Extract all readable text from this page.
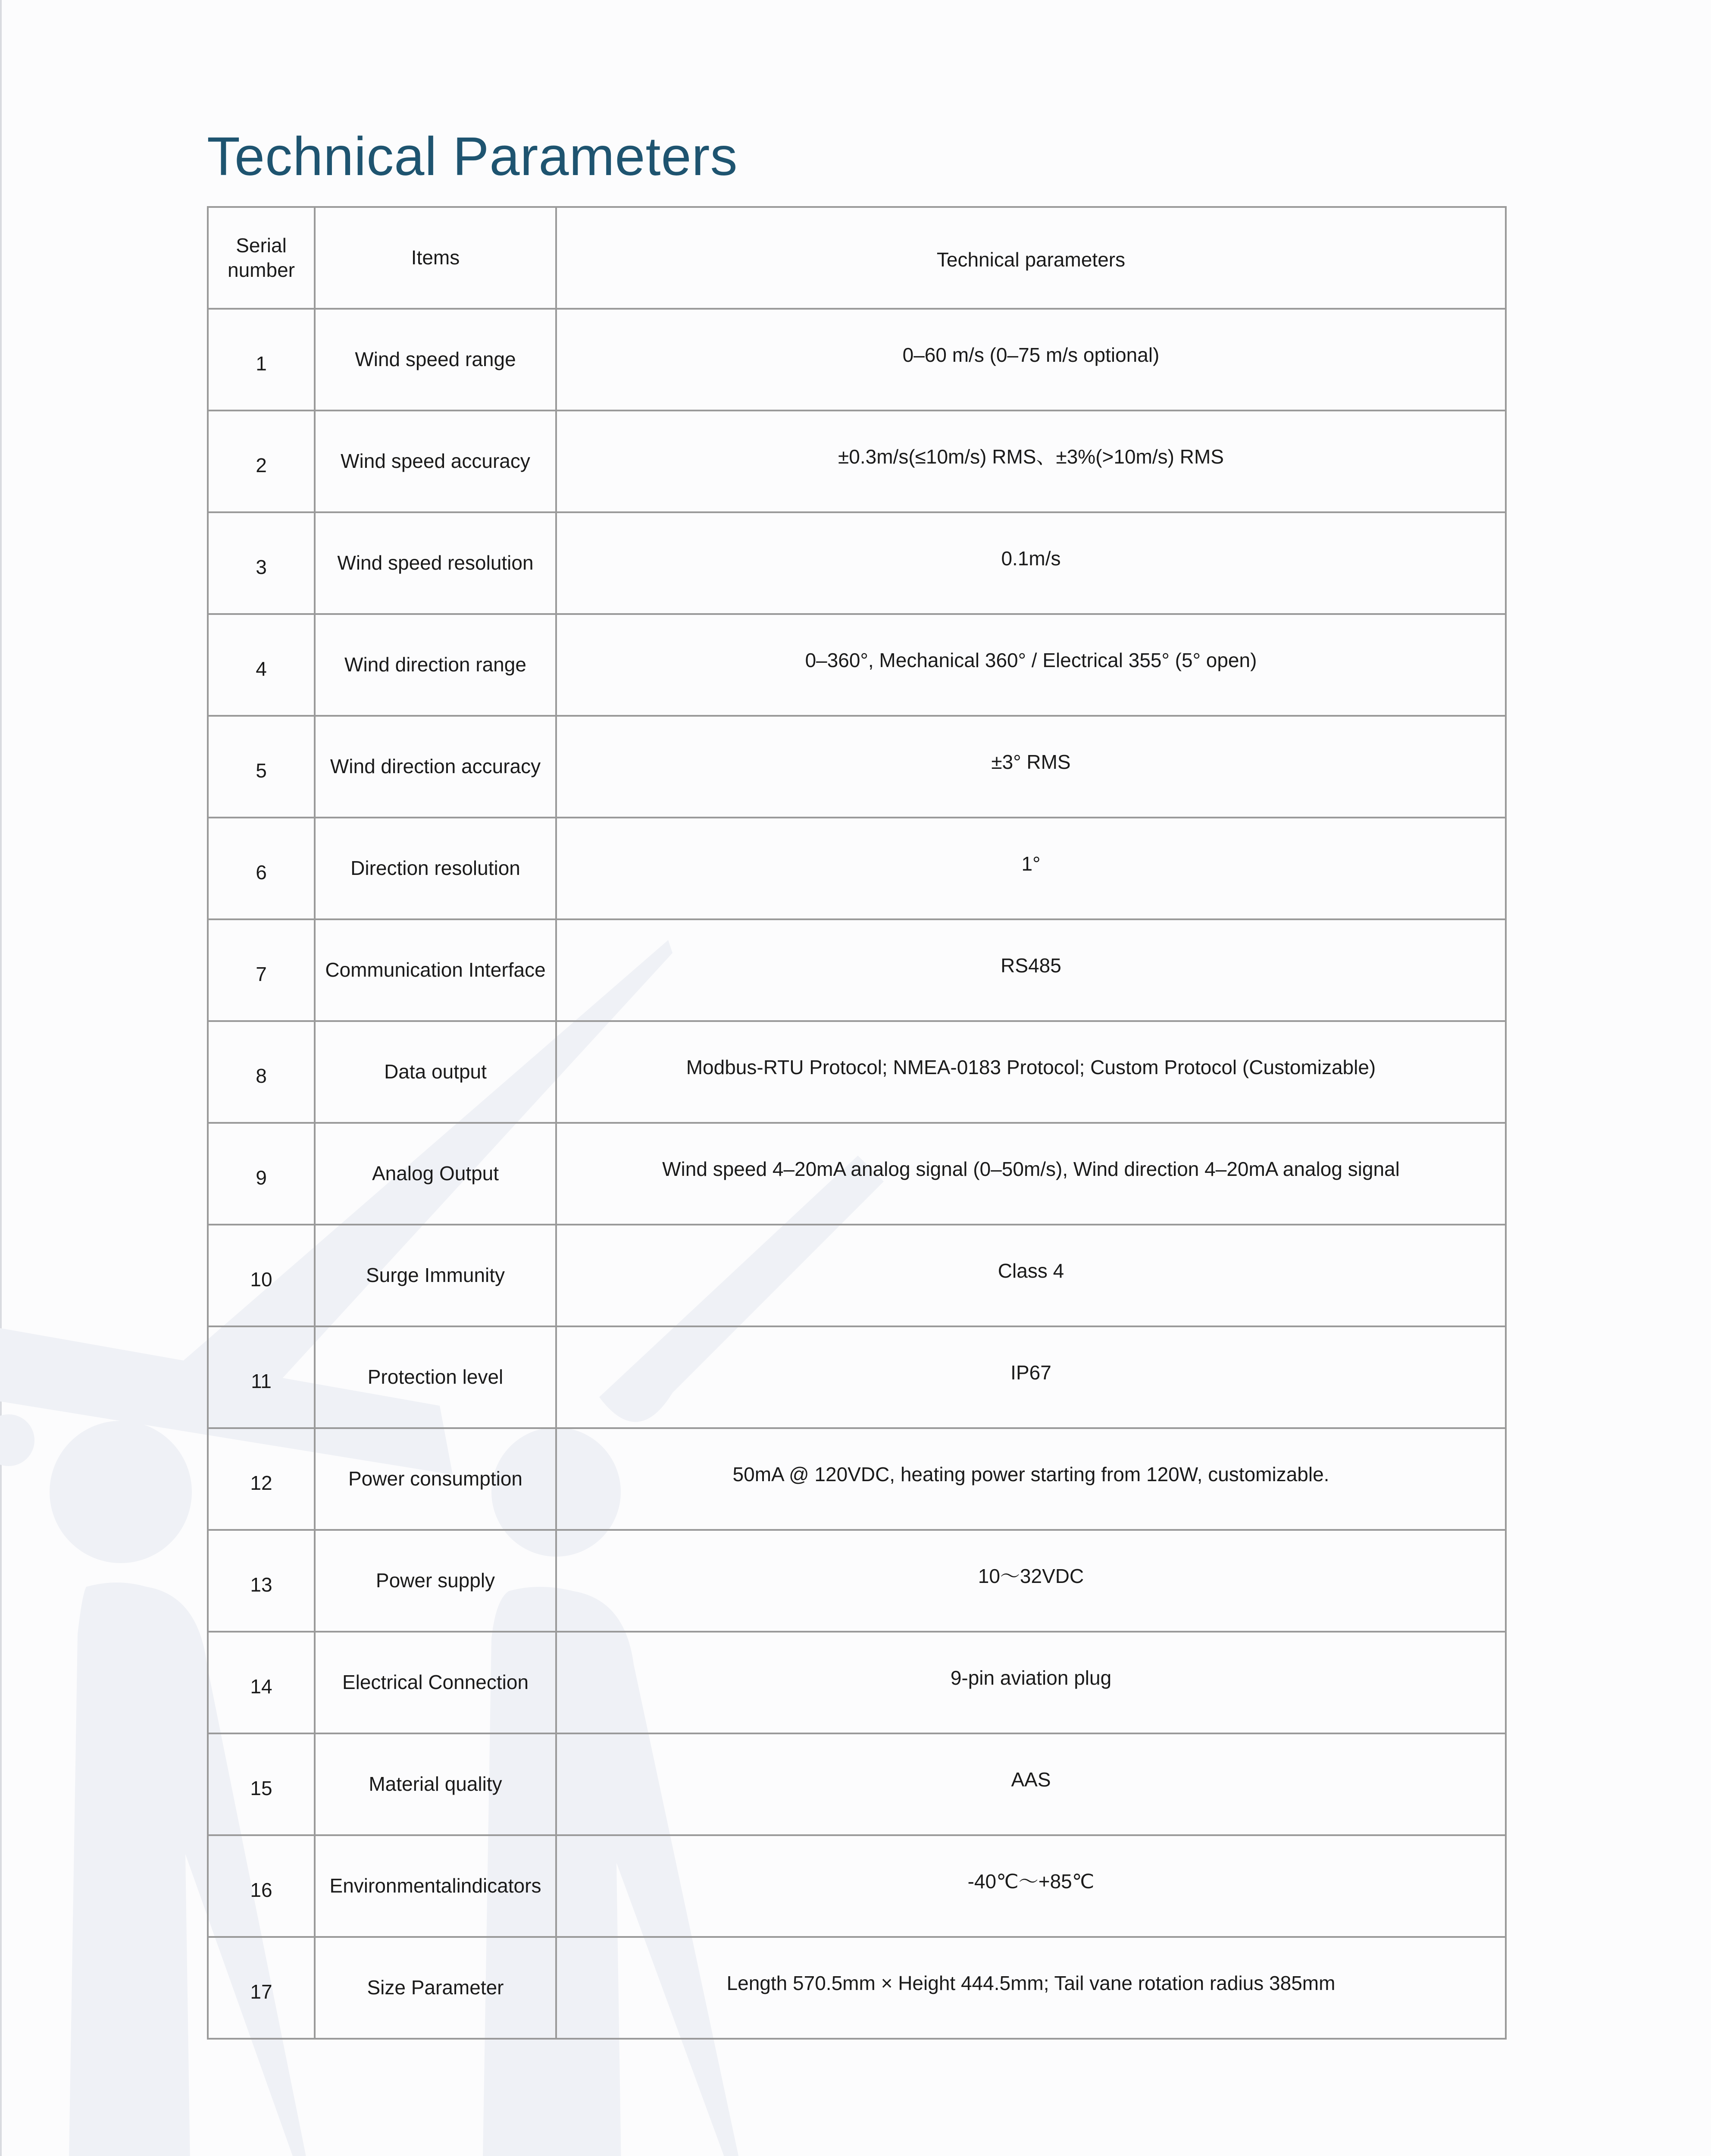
Technical Parameters
Serial
number	Items	Technical parameters

1	Wind speed range	0–60 m/s (0–75 m/s optional)

2	Wind speed accuracy	±0.3m/s(≤10m/s) RMS、±3%(>10m/s) RMS

3	Wind speed resolution	0.1m/s

4	Wind direction range	0–360°, Mechanical 360° / Electrical 355° (5° open)

5	Wind direction accuracy	±3° RMS

6	Direction resolution	1°

7	Communication Interface	RS485

8	Data output	Modbus-RTU Protocol; NMEA-0183 Protocol; Custom Protocol (Customizable)

9	Analog Output	Wind speed 4–20mA analog signal (0–50m/s), Wind direction 4–20mA analog signal

10	Surge Immunity	Class 4

11	Protection level	IP67

12	Power consumption	50mA @ 120VDC, heating power starting from 120W, customizable.

13	Power supply	10～32VDC

14	Electrical Connection	9-pin aviation plug

15	Material quality	AAS

16	Environmentalindicators	-40℃～+85℃

17	Size Parameter	Length 570.5mm × Height 444.5mm; Tail vane rotation radius 385mm
